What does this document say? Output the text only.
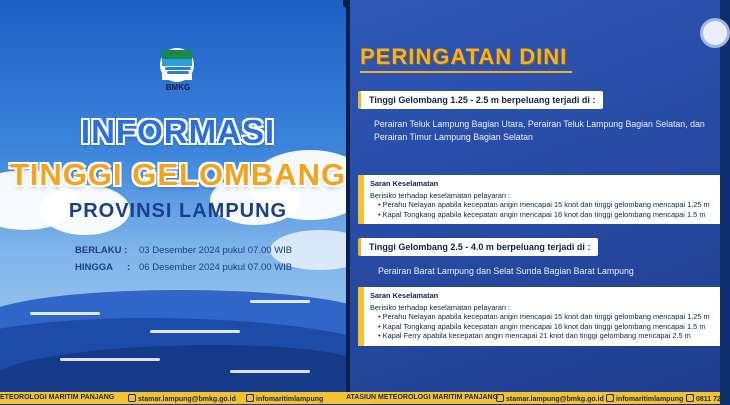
BMKG
INFORMASI
TINGGI GELOMBANG
PROVINSI LAMPUNG
BERLAKU :	03 Desember 2024 pukul 07.00 WIB
HINGGA : 06 Desember 2024 pukul 07.00 WIB
PERINGATAN DINI
Tinggi Gelombang 1.25 - 2.5 m berpeluang terjadi di :
Perairan Teluk Lampung Bagian Utara, Perairan Teluk Lampung Bagian Selatan, dan
Perairan Timur Lampung Bagian Selatan
Saran Keselamatan
Berisiko terhadap keselamatan pelayaran :
• Perahu Nelayan apabila kecepatan angin mencapai 15 knot dan tinggi gelombang mencapai 1.25 m
• Kapal Tongkang apabila kecepatan angin mencapai 16 knot dan tinggi gelombang mencapai 1.5 m
Tinggi Gelombang 2.5 - 4.0 m berpeluang terjadi di :
Perairan Barat Lampung dan Selat Sunda Bagian Barat Lampung
Saran Keselamatan
Berisiko terhadap keselamatan pelayaran :
• Perahu Nelayan apabila kecepatan angin mencapai 15 knot dan tinggi gelombang mencapai 1.25 m
• Kapal Tongkang apabila kecepatan angin mencapai 16 knot dan tinggi gelombang mencapai 1.5 m
• Kapal Ferry apabila kecepatan angin mencapai 21 knot dan tinggi gelombang mencapai 2.5 m
ETEOROLOGI MARITIM PANJANG	stamar.lampung@bmkg.go.id	infomaritimlampung	ATASIUN METEOROLOGI MARITIM PANJANG	stamar.lampung@bmkg.go.id	infomaritimlampung	0811 729
